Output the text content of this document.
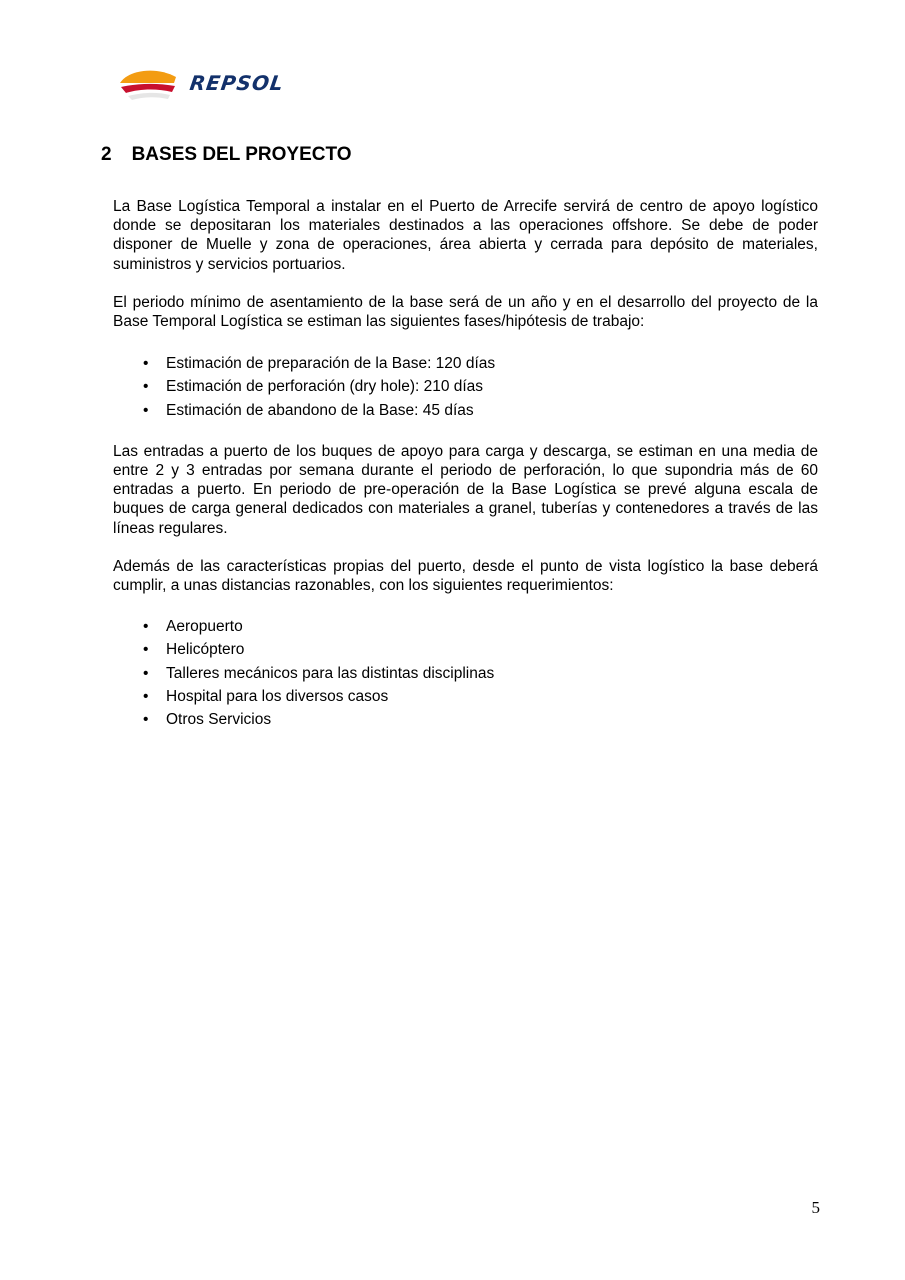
REPSOL
2 BASES DEL PROYECTO

La Base Logística Temporal a instalar en el Puerto de Arrecife servirá de centro de apoyo logístico donde se depositaran los materiales destinados a las operaciones offshore. Se debe de poder disponer de Muelle y zona de operaciones, área abierta y cerrada para depósito de materiales, suministros y servicios portuarios.

El periodo mínimo de asentamiento de la base será de un año y en el desarrollo del proyecto de la Base Temporal Logística se estiman las siguientes fases/hipótesis de trabajo:

• Estimación de preparación de la Base: 120 días
• Estimación de perforación (dry hole): 210 días
• Estimación de abandono de la Base: 45 días

Las entradas a puerto de los buques de apoyo para carga y descarga, se estiman en una media de entre 2 y 3 entradas por semana durante el periodo de perforación, lo que supondria más de 60 entradas a puerto. En periodo de pre-operación de la Base Logística se prevé alguna escala de buques de carga general dedicados con materiales a granel, tuberías y contenedores a través de las líneas regulares.

Además de las características propias del puerto, desde el punto de vista logístico la base deberá cumplir, a unas distancias razonables, con los siguientes requerimientos:

• Aeropuerto
• Helicóptero
• Talleres mecánicos para las distintas disciplinas
• Hospital para los diversos casos
• Otros Servicios
5
